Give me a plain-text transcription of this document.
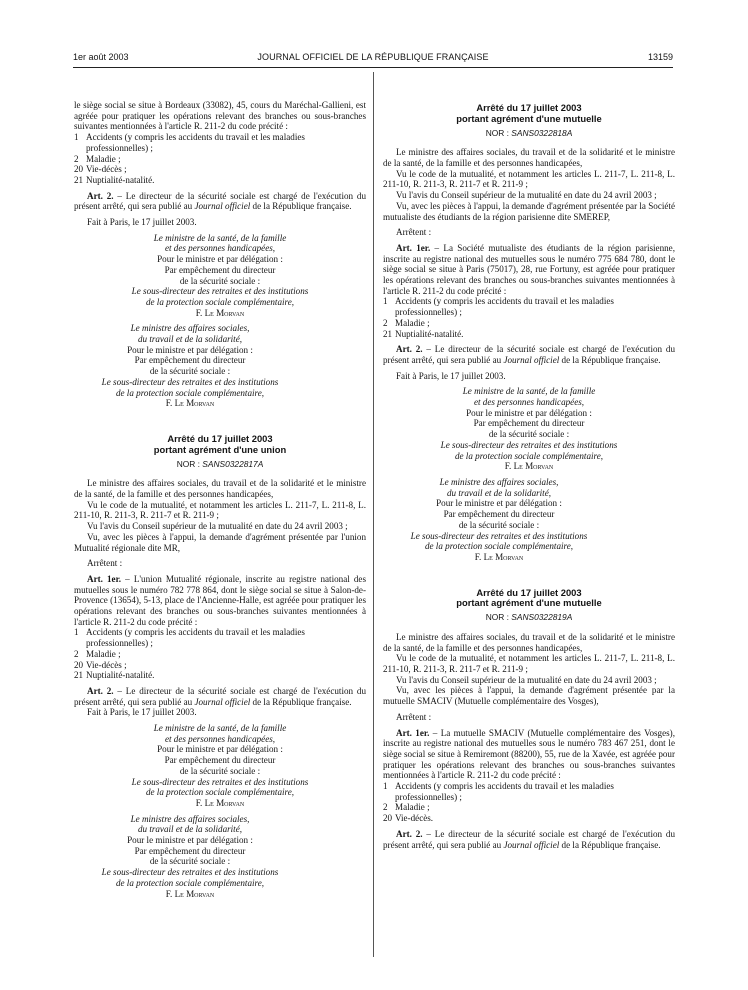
1er août 2003	JOURNAL OFFICIEL DE LA RÉPUBLIQUE FRANÇAISE	13159

le siège social se situe à Bordeaux (33082), 45, cours du Maréchal-Gallieni, est agréée pour pratiquer les opérations relevant des branches ou sous-branches suivantes mentionnées à l'article R. 211-2 du code précité :

1 Accidents (y compris les accidents du travail et les maladies professionnelles) ;
2 Maladie ;
20 Vie-décès ;
21 Nuptialité-natalité.

Art. 2. – Le directeur de la sécurité sociale est chargé de l'exécution du présent arrêté, qui sera publié au Journal officiel de la République française.

Fait à Paris, le 17 juillet 2003.

Le ministre de la santé, de la famille
et des personnes handicapées,
Pour le ministre et par délégation :
Par empêchement du directeur
de la sécurité sociale :
Le sous-directeur des retraites et des institutions
de la protection sociale complémentaire,
F. Le Morvan
Le ministre des affaires sociales,
du travail et de la solidarité,
Pour le ministre et par délégation :
Par empêchement du directeur
de la sécurité sociale :
Le sous-directeur des retraites et des institutions
de la protection sociale complémentaire,
F. Le Morvan
Arrêté du 17 juillet 2003
portant agrément d'une union
NOR : SANS0322817A

Le ministre des affaires sociales, du travail et de la solidarité et le ministre de la santé, de la famille et des personnes handicapées,

Vu le code de la mutualité, et notamment les articles L. 211-7, L. 211-8, L. 211-10, R. 211-3, R. 211-7 et R. 211-9 ;

Vu l'avis du Conseil supérieur de la mutualité en date du 24 avril 2003 ;

Vu, avec les pièces à l'appui, la demande d'agrément présentée par l'union Mutualité régionale dite MR,

Arrêtent :

Art. 1er. – L'union Mutualité régionale, inscrite au registre national des mutuelles sous le numéro 782 778 864, dont le siège social se situe à Salon-de-Provence (13654), 5-13, place de l'Ancienne-Halle, est agréée pour pratiquer les opérations relevant des branches ou sous-branches suivantes mentionnées à l'article R. 211-2 du code précité :

1 Accidents (y compris les accidents du travail et les maladies professionnelles) ;
2 Maladie ;
20 Vie-décès ;
21 Nuptialité-natalité.

Art. 2. – Le directeur de la sécurité sociale est chargé de l'exécution du présent arrêté, qui sera publié au Journal officiel de la République française.

Fait à Paris, le 17 juillet 2003.

Le ministre de la santé, de la famille
et des personnes handicapées,
Pour le ministre et par délégation :
Par empêchement du directeur
de la sécurité sociale :
Le sous-directeur des retraites et des institutions
de la protection sociale complémentaire,
F. Le Morvan
Le ministre des affaires sociales,
du travail et de la solidarité,
Pour le ministre et par délégation :
Par empêchement du directeur
de la sécurité sociale :
Le sous-directeur des retraites et des institutions
de la protection sociale complémentaire,
F. Le Morvan
Arrêté du 17 juillet 2003
portant agrément d'une mutuelle
NOR : SANS0322818A

Le ministre des affaires sociales, du travail et de la solidarité et le ministre de la santé, de la famille et des personnes handicapées,

Vu le code de la mutualité, et notamment les articles L. 211-7, L. 211-8, L. 211-10, R. 211-3, R. 211-7 et R. 211-9 ;

Vu l'avis du Conseil supérieur de la mutualité en date du 24 avril 2003 ;

Vu, avec les pièces à l'appui, la demande d'agrément présentée par la Société mutualiste des étudiants de la région parisienne dite SMEREP,

Arrêtent :

Art. 1er. – La Société mutualiste des étudiants de la région parisienne, inscrite au registre national des mutuelles sous le numéro 775 684 780, dont le siège social se situe à Paris (75017), 28, rue Fortuny, est agréée pour pratiquer les opérations relevant des branches ou sous-branches suivantes mentionnées à l'article R. 211-2 du code précité :

1 Accidents (y compris les accidents du travail et les maladies professionnelles) ;
2 Maladie ;
21 Nuptialité-natalité.

Art. 2. – Le directeur de la sécurité sociale est chargé de l'exécution du présent arrêté, qui sera publié au Journal officiel de la République française.

Fait à Paris, le 17 juillet 2003.

Le ministre de la santé, de la famille
et des personnes handicapées,
Pour le ministre et par délégation :
Par empêchement du directeur
de la sécurité sociale :
Le sous-directeur des retraites et des institutions
de la protection sociale complémentaire,
F. Le Morvan
Le ministre des affaires sociales,
du travail et de la solidarité,
Pour le ministre et par délégation :
Par empêchement du directeur
de la sécurité sociale :
Le sous-directeur des retraites et des institutions
de la protection sociale complémentaire,
F. Le Morvan
Arrêté du 17 juillet 2003
portant agrément d'une mutuelle
NOR : SANS0322819A

Le ministre des affaires sociales, du travail et de la solidarité et le ministre de la santé, de la famille et des personnes handicapées,

Vu le code de la mutualité, et notamment les articles L. 211-7, L. 211-8, L. 211-10, R. 211-3, R. 211-7 et R. 211-9 ;

Vu l'avis du Conseil supérieur de la mutualité en date du 24 avril 2003 ;

Vu, avec les pièces à l'appui, la demande d'agrément présentée par la mutuelle SMACIV (Mutuelle complémentaire des Vosges),

Arrêtent :

Art. 1er. – La mutuelle SMACIV (Mutuelle complémentaire des Vosges), inscrite au registre national des mutuelles sous le numéro 783 467 251, dont le siège social se situe à Remiremont (88200), 55, rue de la Xavée, est agréée pour pratiquer les opérations relevant des branches ou sous-branches suivantes mentionnées à l'article R. 211-2 du code précité :

1 Accidents (y compris les accidents du travail et les maladies professionnelles) ;
2 Maladie ;
20 Vie-décès.

Art. 2. – Le directeur de la sécurité sociale est chargé de l'exécution du présent arrêté, qui sera publié au Journal officiel de la République française.
